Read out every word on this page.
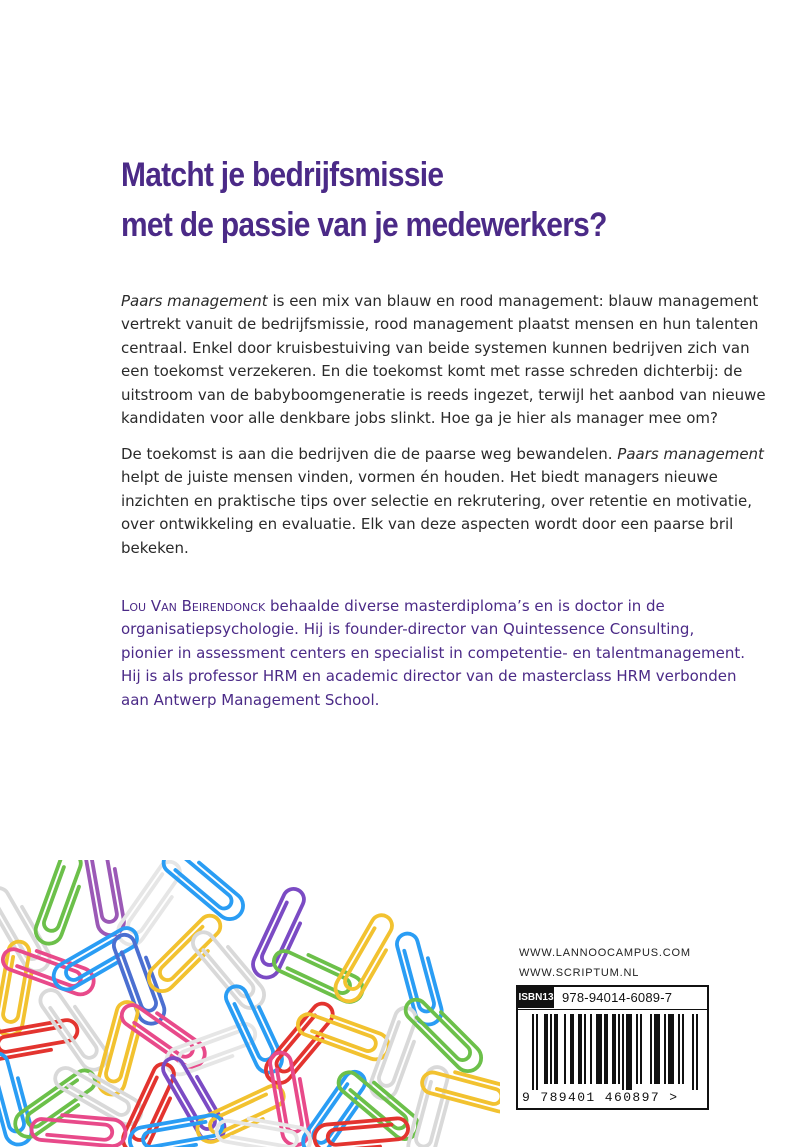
Matcht je bedrijfsmissie
met de passie van je medewerkers?

Paars management is een mix van blauw en rood management: blauw management
vertrekt vanuit de bedrijfsmissie, rood management plaatst mensen en hun talenten
centraal. Enkel door kruisbestuiving van beide systemen kunnen bedrijven zich van
een toekomst verzekeren. En die toekomst komt met rasse schreden dichterbij: de
uitstroom van de babyboomgeneratie is reeds ingezet, terwijl het aanbod van nieuwe
kandidaten voor alle denkbare jobs slinkt. Hoe ga je hier als manager mee om?

De toekomst is aan die bedrijven die de paarse weg bewandelen. Paars management
helpt de juiste mensen vinden, vormen én houden. Het biedt managers nieuwe
inzichten en praktische tips over selectie en rekrutering, over retentie en motivatie,
over ontwikkeling en evaluatie. Elk van deze aspecten wordt door een paarse bril
bekeken.

Lou Van Beirendonck behaalde diverse masterdiploma’s en is doctor in de
organisatiepsychologie. Hij is founder-director van Quintessence Consulting,
pionier in assessment centers en specialist in competentie- en talentmanagement.
Hij is als professor HRM en academic director van de masterclass HRM verbonden
aan Antwerp Management School.

WWW.LANNOOCAMPUS.COM
WWW.SCRIPTUM.NL
ISBN13 978-94014-6089-7
9 789401 460897 >
